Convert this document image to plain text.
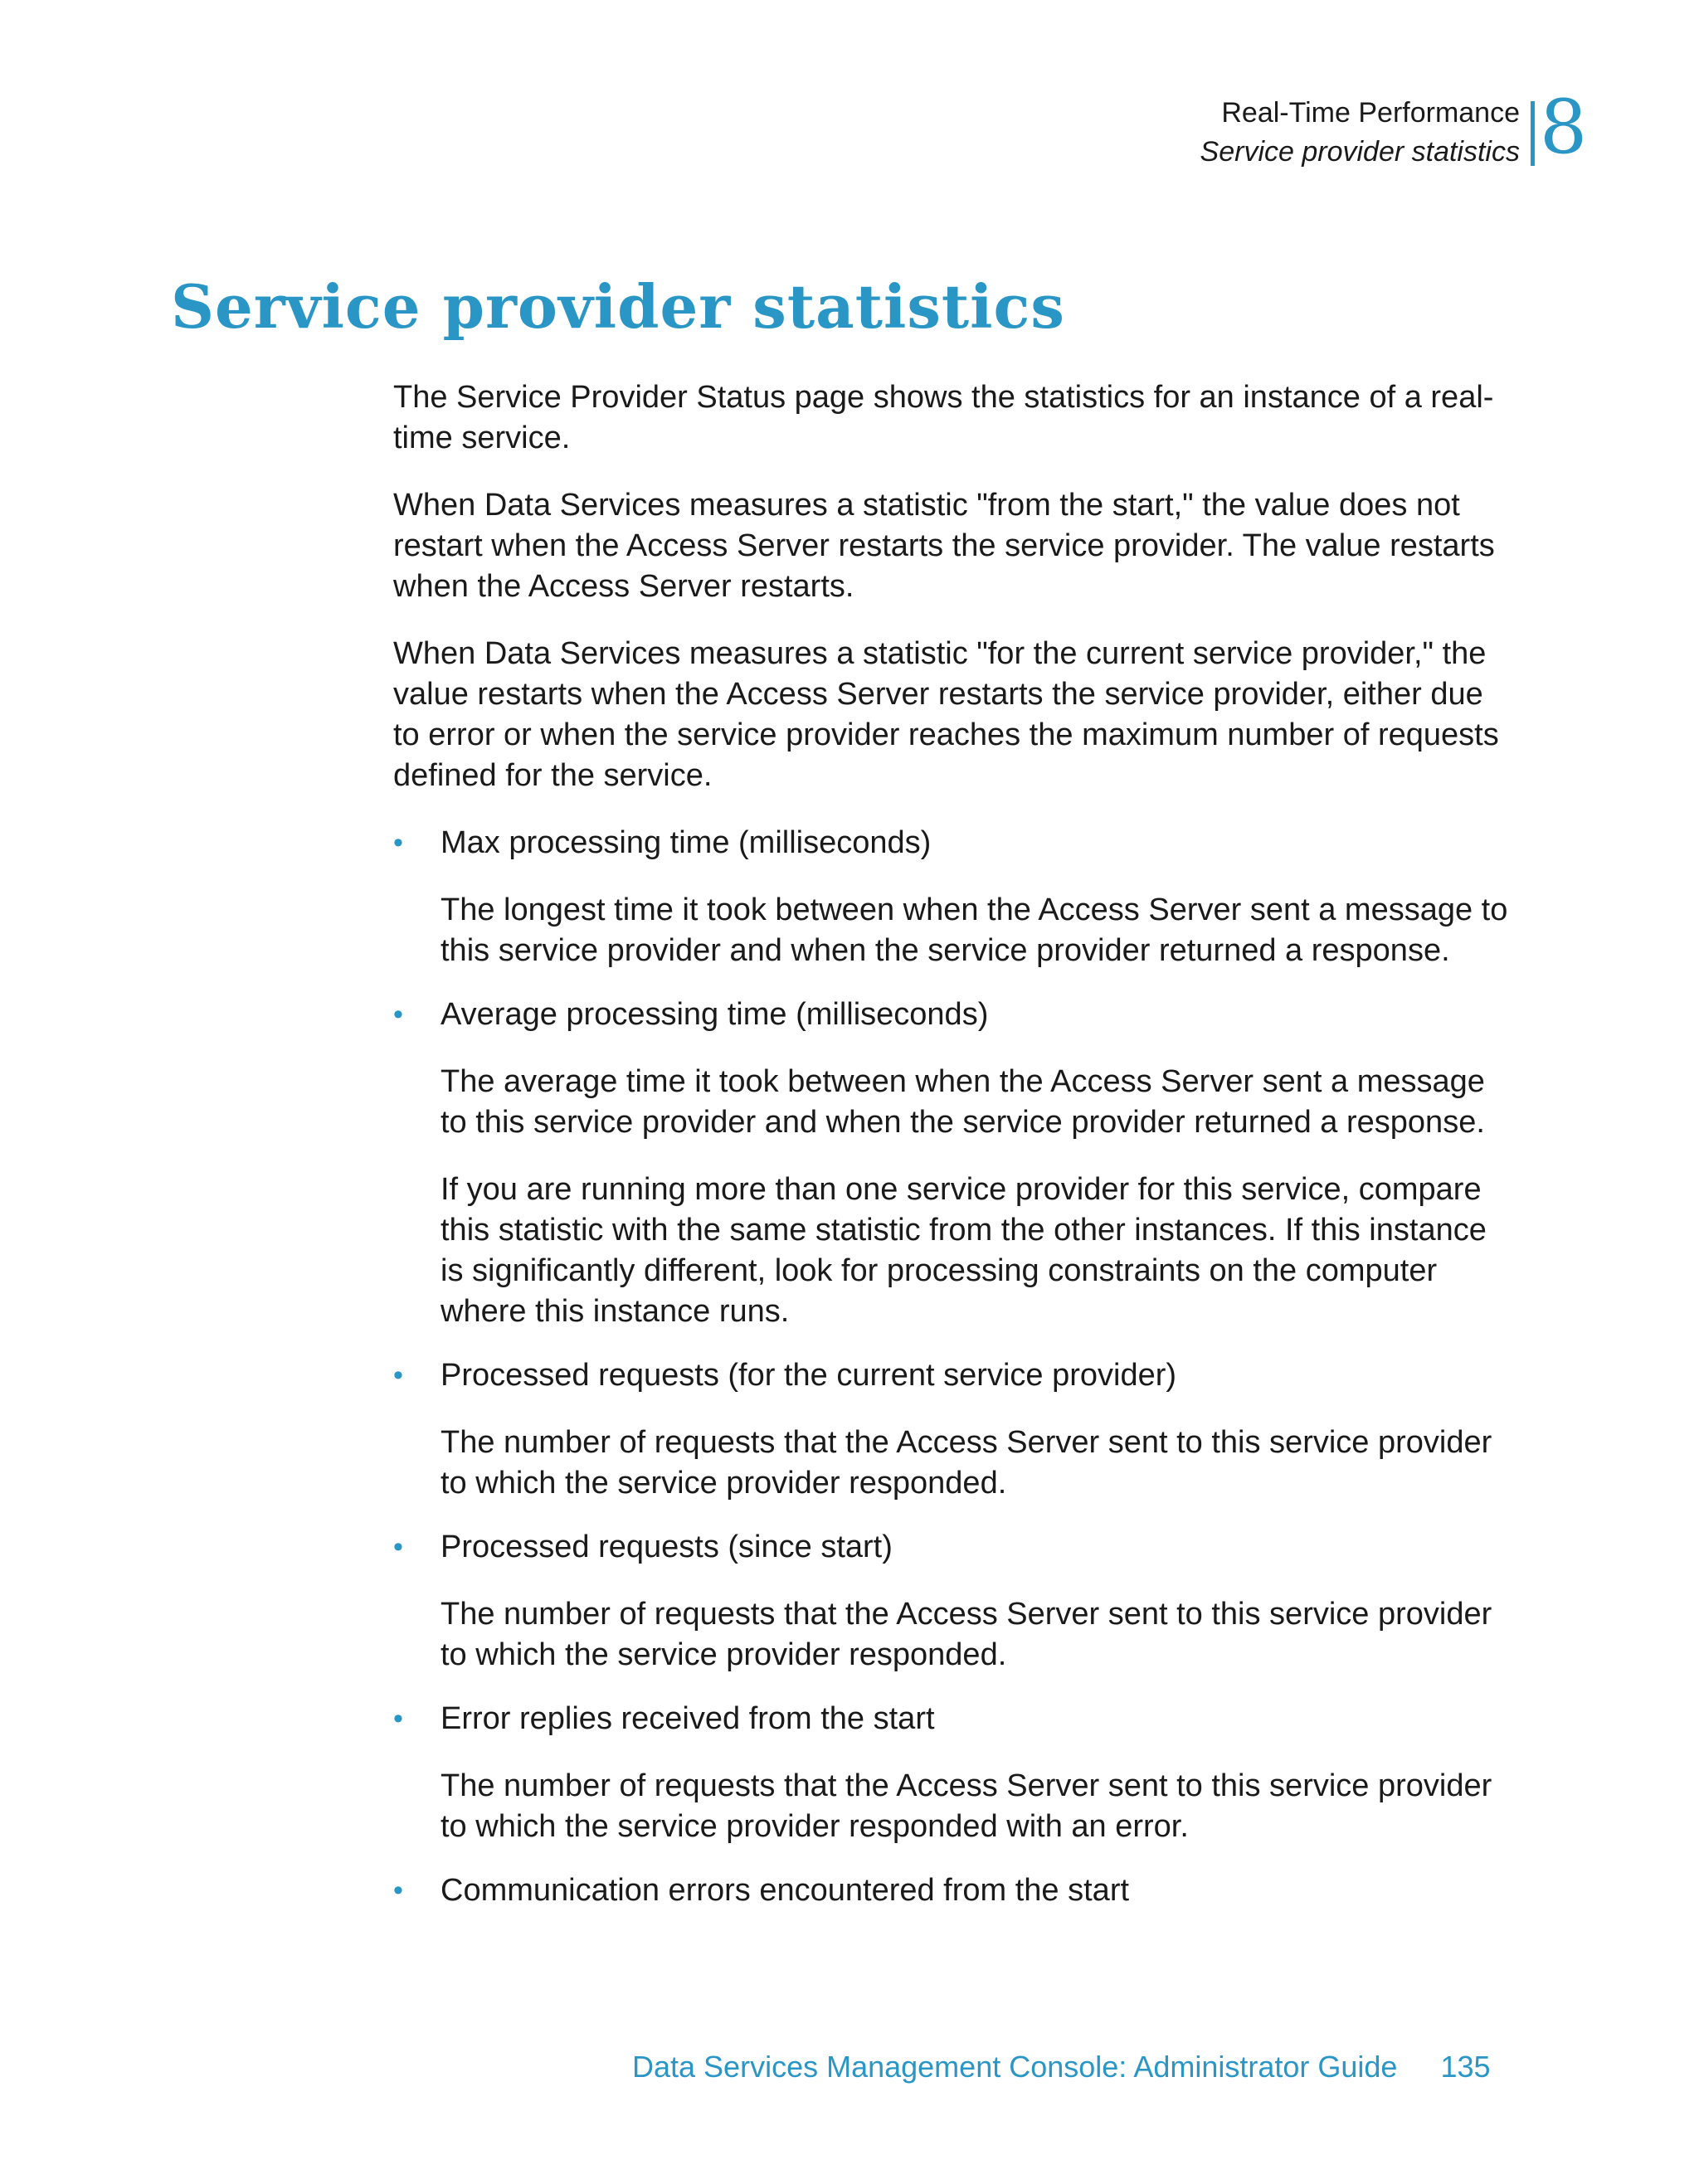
Real-Time Performance
Service provider statistics 8
Service provider statistics

The Service Provider Status page shows the statistics for an instance of a real-time service.

When Data Services measures a statistic "from the start," the value does not restart when the Access Server restarts the service provider. The value restarts when the Access Server restarts.

When Data Services measures a statistic "for the current service provider," the value restarts when the Access Server restarts the service provider, either due to error or when the service provider reaches the maximum number of requests defined for the service.

• Max processing time (milliseconds)

The longest time it took between when the Access Server sent a message to this service provider and when the service provider returned a response.

• Average processing time (milliseconds)

The average time it took between when the Access Server sent a message to this service provider and when the service provider returned a response.

If you are running more than one service provider for this service, compare this statistic with the same statistic from the other instances. If this instance is significantly different, look for processing constraints on the computer where this instance runs.

• Processed requests (for the current service provider)

The number of requests that the Access Server sent to this service provider to which the service provider responded.

• Processed requests (since start)

The number of requests that the Access Server sent to this service provider to which the service provider responded.

• Error replies received from the start

The number of requests that the Access Server sent to this service provider to which the service provider responded with an error.

• Communication errors encountered from the start
Data Services Management Console: Administrator Guide 135
